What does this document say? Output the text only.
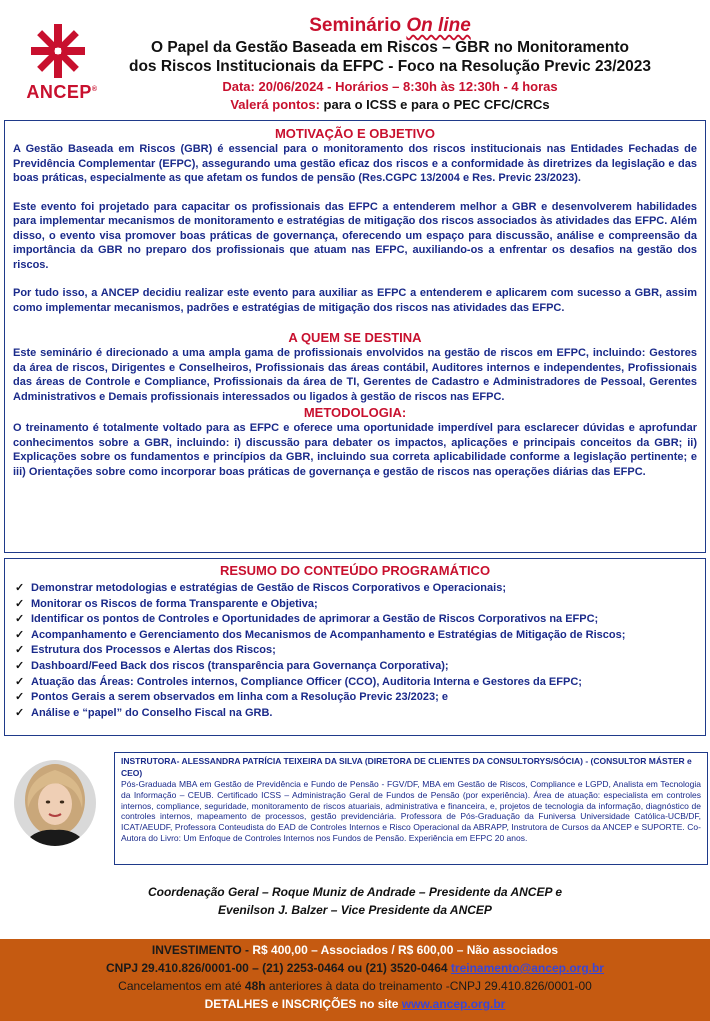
ANCEP®
Seminário On line
O Papel da Gestão Baseada em Riscos – GBR no Monitoramento
dos Riscos Institucionais da EFPC - Foco na Resolução Previc 23/2023
Data: 20/06/2024 - Horários – 8:30h às 12:30h - 4 horas
Valerá pontos: para o ICSS e para o PEC CFC/CRCs
MOTIVAÇÃO E OBJETIVO

A Gestão Baseada em Riscos (GBR) é essencial para o monitoramento dos riscos institucionais nas Entidades Fechadas de Previdência Complementar (EFPC), assegurando uma gestão eficaz dos riscos e a conformidade às diretrizes da legislação e das boas práticas, especialmente as que afetam os fundos de pensão (Res.CGPC 13/2004 e Res. Previc 23/2023).

Este evento foi projetado para capacitar os profissionais das EFPC a entenderem melhor a GBR e desenvolverem habilidades para implementar mecanismos de monitoramento e estratégias de mitigação dos riscos associados às atividades das EFPC. Além disso, o evento visa promover boas práticas de governança, oferecendo um espaço para discussão, análise e compreensão da importância da GBR no preparo dos profissionais que atuam nas EFPC, auxiliando-os a enfrentar os desafios na gestão dos riscos.

Por tudo isso, a ANCEP decidiu realizar este evento para auxiliar as EFPC a entenderem e aplicarem com sucesso a GBR, assim como implementar mecanismos, padrões e estratégias de mitigação dos riscos nas atividades das EFPC.

A QUEM SE DESTINA

Este seminário é direcionado a uma ampla gama de profissionais envolvidos na gestão de riscos em EFPC, incluindo: Gestores da área de riscos, Dirigentes e Conselheiros, Profissionais das áreas contábil, Auditores internos e independentes, Profissionais das áreas de Controle e Compliance, Profissionais da área de TI, Gerentes de Cadastro e Administradores de Pessoal, Gerentes Administrativos e Demais profissionais interessados ou ligados à gestão de riscos nas EFPC.

METODOLOGIA:

O treinamento é totalmente voltado para as EFPC e oferece uma oportunidade imperdível para esclarecer dúvidas e aprofundar conhecimentos sobre a GBR, incluindo: i) discussão para debater os impactos, aplicações e principais conceitos da GBR; ii) Explicações sobre os fundamentos e princípios da GBR, incluindo sua correta aplicabilidade conforme a legislação pertinente; e iii) Orientações sobre como incorporar boas práticas de governança e gestão de riscos nas operações diárias das EFPC.

RESUMO DO CONTEÚDO PROGRAMÁTICO
✓ Demonstrar metodologias e estratégias de Gestão de Riscos Corporativos e Operacionais;
✓ Monitorar os Riscos de forma Transparente e Objetiva;
✓ Identificar os pontos de Controles e Oportunidades de aprimorar a Gestão de Riscos Corporativos na EFPC;
✓ Acompanhamento e Gerenciamento dos Mecanismos de Acompanhamento e Estratégias de Mitigação de Riscos;
✓ Estrutura dos Processos e Alertas dos Riscos;
✓ Dashboard/Feed Back dos riscos (transparência para Governança Corporativa);
✓ Atuação das Áreas: Controles internos, Compliance Officer (CCO), Auditoria Interna e Gestores da EFPC;
✓ Pontos Gerais a serem observados em linha com a Resolução Previc 23/2023; e
✓ Análise e “papel” do Conselho Fiscal na GRB.
INSTRUTORA- ALESSANDRA PATRÍCIA TEIXEIRA DA SILVA (DIRETORA DE CLIENTES DA CONSULTORYS/SÓCIA) - (CONSULTOR MÁSTER e CEO)
Pós-Graduada MBA em Gestão de Previdência e Fundo de Pensão - FGV/DF, MBA em Gestão de Riscos, Compliance e LGPD, Analista em Tecnologia da Informação – CEUB. Certificado ICSS – Administração Geral de Fundos de Pensão (por experiência). Área de atuação: especialista em controles internos, compliance, seguridade, monitoramento de riscos atuariais, administrativa e financeira, e, projetos de tecnologia da informação, diagnóstico de controles internos, mapeamento de processos, gestão previdenciária. Professora de Pós-Graduação da Funiversa Universidade Católica-UCB/DF, ICAT/AEUDF, Professora Conteudista do EAD de Controles Internos e Risco Operacional da ABRAPP, Instrutora de Cursos da ANCEP e SUPORTE. Co-Autora do Livro: Um Enfoque de Controles Internos nos Fundos de Pensão. Experiência em EFPC 20 anos.
Coordenação Geral – Roque Muniz de Andrade – Presidente da ANCEP e
Evenilson J. Balzer – Vice Presidente da ANCEP
INVESTIMENTO - R$ 400,00 – Associados / R$ 600,00 – Não associados
CNPJ 29.410.826/0001-00 – (21) 2253-0464 ou (21) 3520-0464 treinamento@ancep.org.br
Cancelamentos em até 48h anteriores à data do treinamento -CNPJ 29.410.826/0001-00
DETALHES e INSCRIÇÕES no site www.ancep.org.br
